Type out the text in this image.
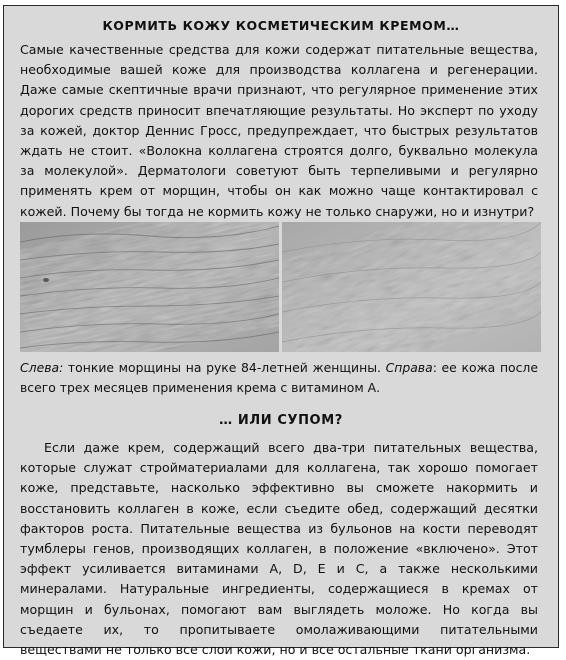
КОРМИТЬ КОЖУ КОСМЕТИЧЕСКИМ КРЕМОМ…

Самые качественные средства для кожи содержат питательные вещества, необходимые вашей коже для производства коллагена и регенерации. Даже самые скептичные врачи признают, что регулярное применение этих дорогих средств приносит впечатляющие результаты. Но эксперт по уходу за кожей, доктор Деннис Гросс, предупреждает, что быстрых результатов ждать не стоит. «Волокна коллагена строятся долго, буквально молекула за молекулой». Дерматологи советуют быть терпеливыми и регулярно применять крем от морщин, чтобы он как можно чаще контактировал с кожей. Почему бы тогда не кормить кожу не только снаружи, но и изнутри?

Слева: тонкие морщины на руке 84-летней женщины. Справа: ее кожа после всего трех месяцев применения крема с витамином А.

… ИЛИ СУПОМ?

Если даже крем, содержащий всего два-три питательных вещества, которые служат стройматериалами для коллагена, так хорошо помогает коже, представьте, насколько эффективно вы сможете накормить и восстановить коллаген в коже, если съедите обед, содержащий десятки факторов роста. Питательные вещества из бульонов на кости переводят тумблеры генов, производящих коллаген, в положение «включено». Этот эффект усиливается витаминами А, D, E и C, а также несколькими минералами. Натуральные ингредиенты, содержащиеся в кремах от морщин и бульонах, помогают вам выглядеть моложе. Но когда вы съедаете их, то пропитываете омолаживающими питательными веществами не только все слои кожи, но и все остальные ткани организма.
